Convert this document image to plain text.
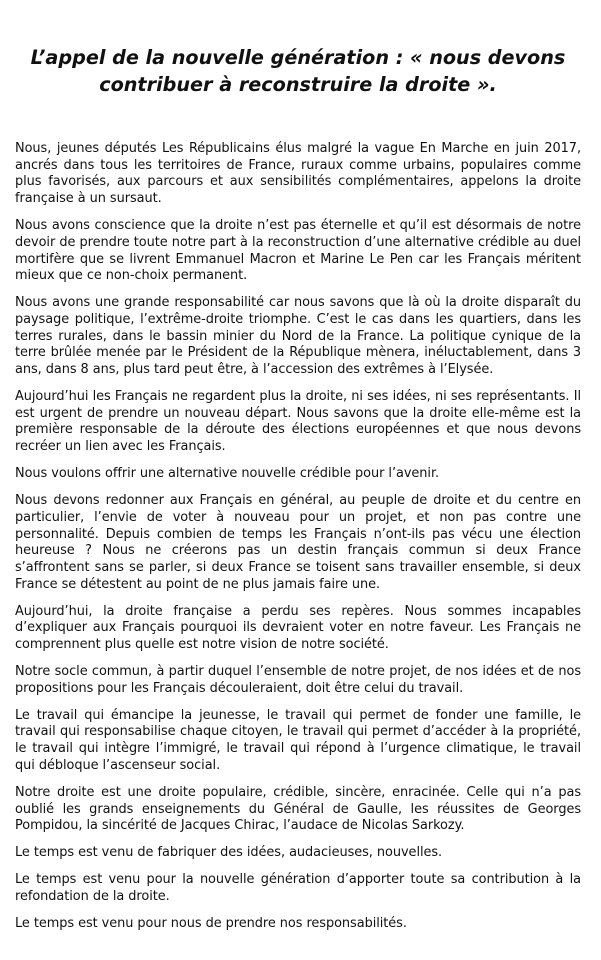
L’appel de la nouvelle génération : « nous devons
contribuer à reconstruire la droite ».

Nous, jeunes députés Les Républicains élus malgré la vague En Marche en juin 2017, ancrés dans tous les territoires de France, ruraux comme urbains, populaires comme plus favorisés, aux parcours et aux sensibilités complémentaires, appelons la droite française à un sursaut.

Nous avons conscience que la droite n’est pas éternelle et qu’il est désormais de notre devoir de prendre toute notre part à la reconstruction d’une alternative crédible au duel mortifère que se livrent Emmanuel Macron et Marine Le Pen car les Français méritent mieux que ce non-choix permanent.

Nous avons une grande responsabilité car nous savons que là où la droite disparaît du paysage politique, l’extrême-droite triomphe. C’est le cas dans les quartiers, dans les terres rurales, dans le bassin minier du Nord de la France. La politique cynique de la terre brûlée menée par le Président de la République mènera, inéluctablement, dans 3 ans, dans 8 ans, plus tard peut être, à l’accession des extrêmes à l’Elysée.

Aujourd’hui les Français ne regardent plus la droite, ni ses idées, ni ses représentants. Il est urgent de prendre un nouveau départ. Nous savons que la droite elle-même est la première responsable de la déroute des élections européennes et que nous devons recréer un lien avec les Français.

Nous voulons offrir une alternative nouvelle crédible pour l’avenir.

Nous devons redonner aux Français en général, au peuple de droite et du centre en particulier, l’envie de voter à nouveau pour un projet, et non pas contre une personnalité. Depuis combien de temps les Français n’ont-ils pas vécu une élection heureuse ? Nous ne créerons pas un destin français commun si deux France s’affrontent sans se parler, si deux France se toisent sans travailler ensemble, si deux France se détestent au point de ne plus jamais faire une.

Aujourd’hui, la droite française a perdu ses repères. Nous sommes incapables d’expliquer aux Français pourquoi ils devraient voter en notre faveur. Les Français ne comprennent plus quelle est notre vision de notre société.

Notre socle commun, à partir duquel l’ensemble de notre projet, de nos idées et de nos propositions pour les Français découleraient, doit être celui du travail.

Le travail qui émancipe la jeunesse, le travail qui permet de fonder une famille, le travail qui responsabilise chaque citoyen, le travail qui permet d’accéder à la propriété, le travail qui intègre l’immigré, le travail qui répond à l’urgence climatique, le travail qui débloque l’ascenseur social.

Notre droite est une droite populaire, crédible, sincère, enracinée. Celle qui n’a pas oublié les grands enseignements du Général de Gaulle, les réussites de Georges Pompidou, la sincérité de Jacques Chirac, l’audace de Nicolas Sarkozy.

Le temps est venu de fabriquer des idées, audacieuses, nouvelles.

Le temps est venu pour la nouvelle génération d’apporter toute sa contribution à la refondation de la droite.

Le temps est venu pour nous de prendre nos responsabilités.
